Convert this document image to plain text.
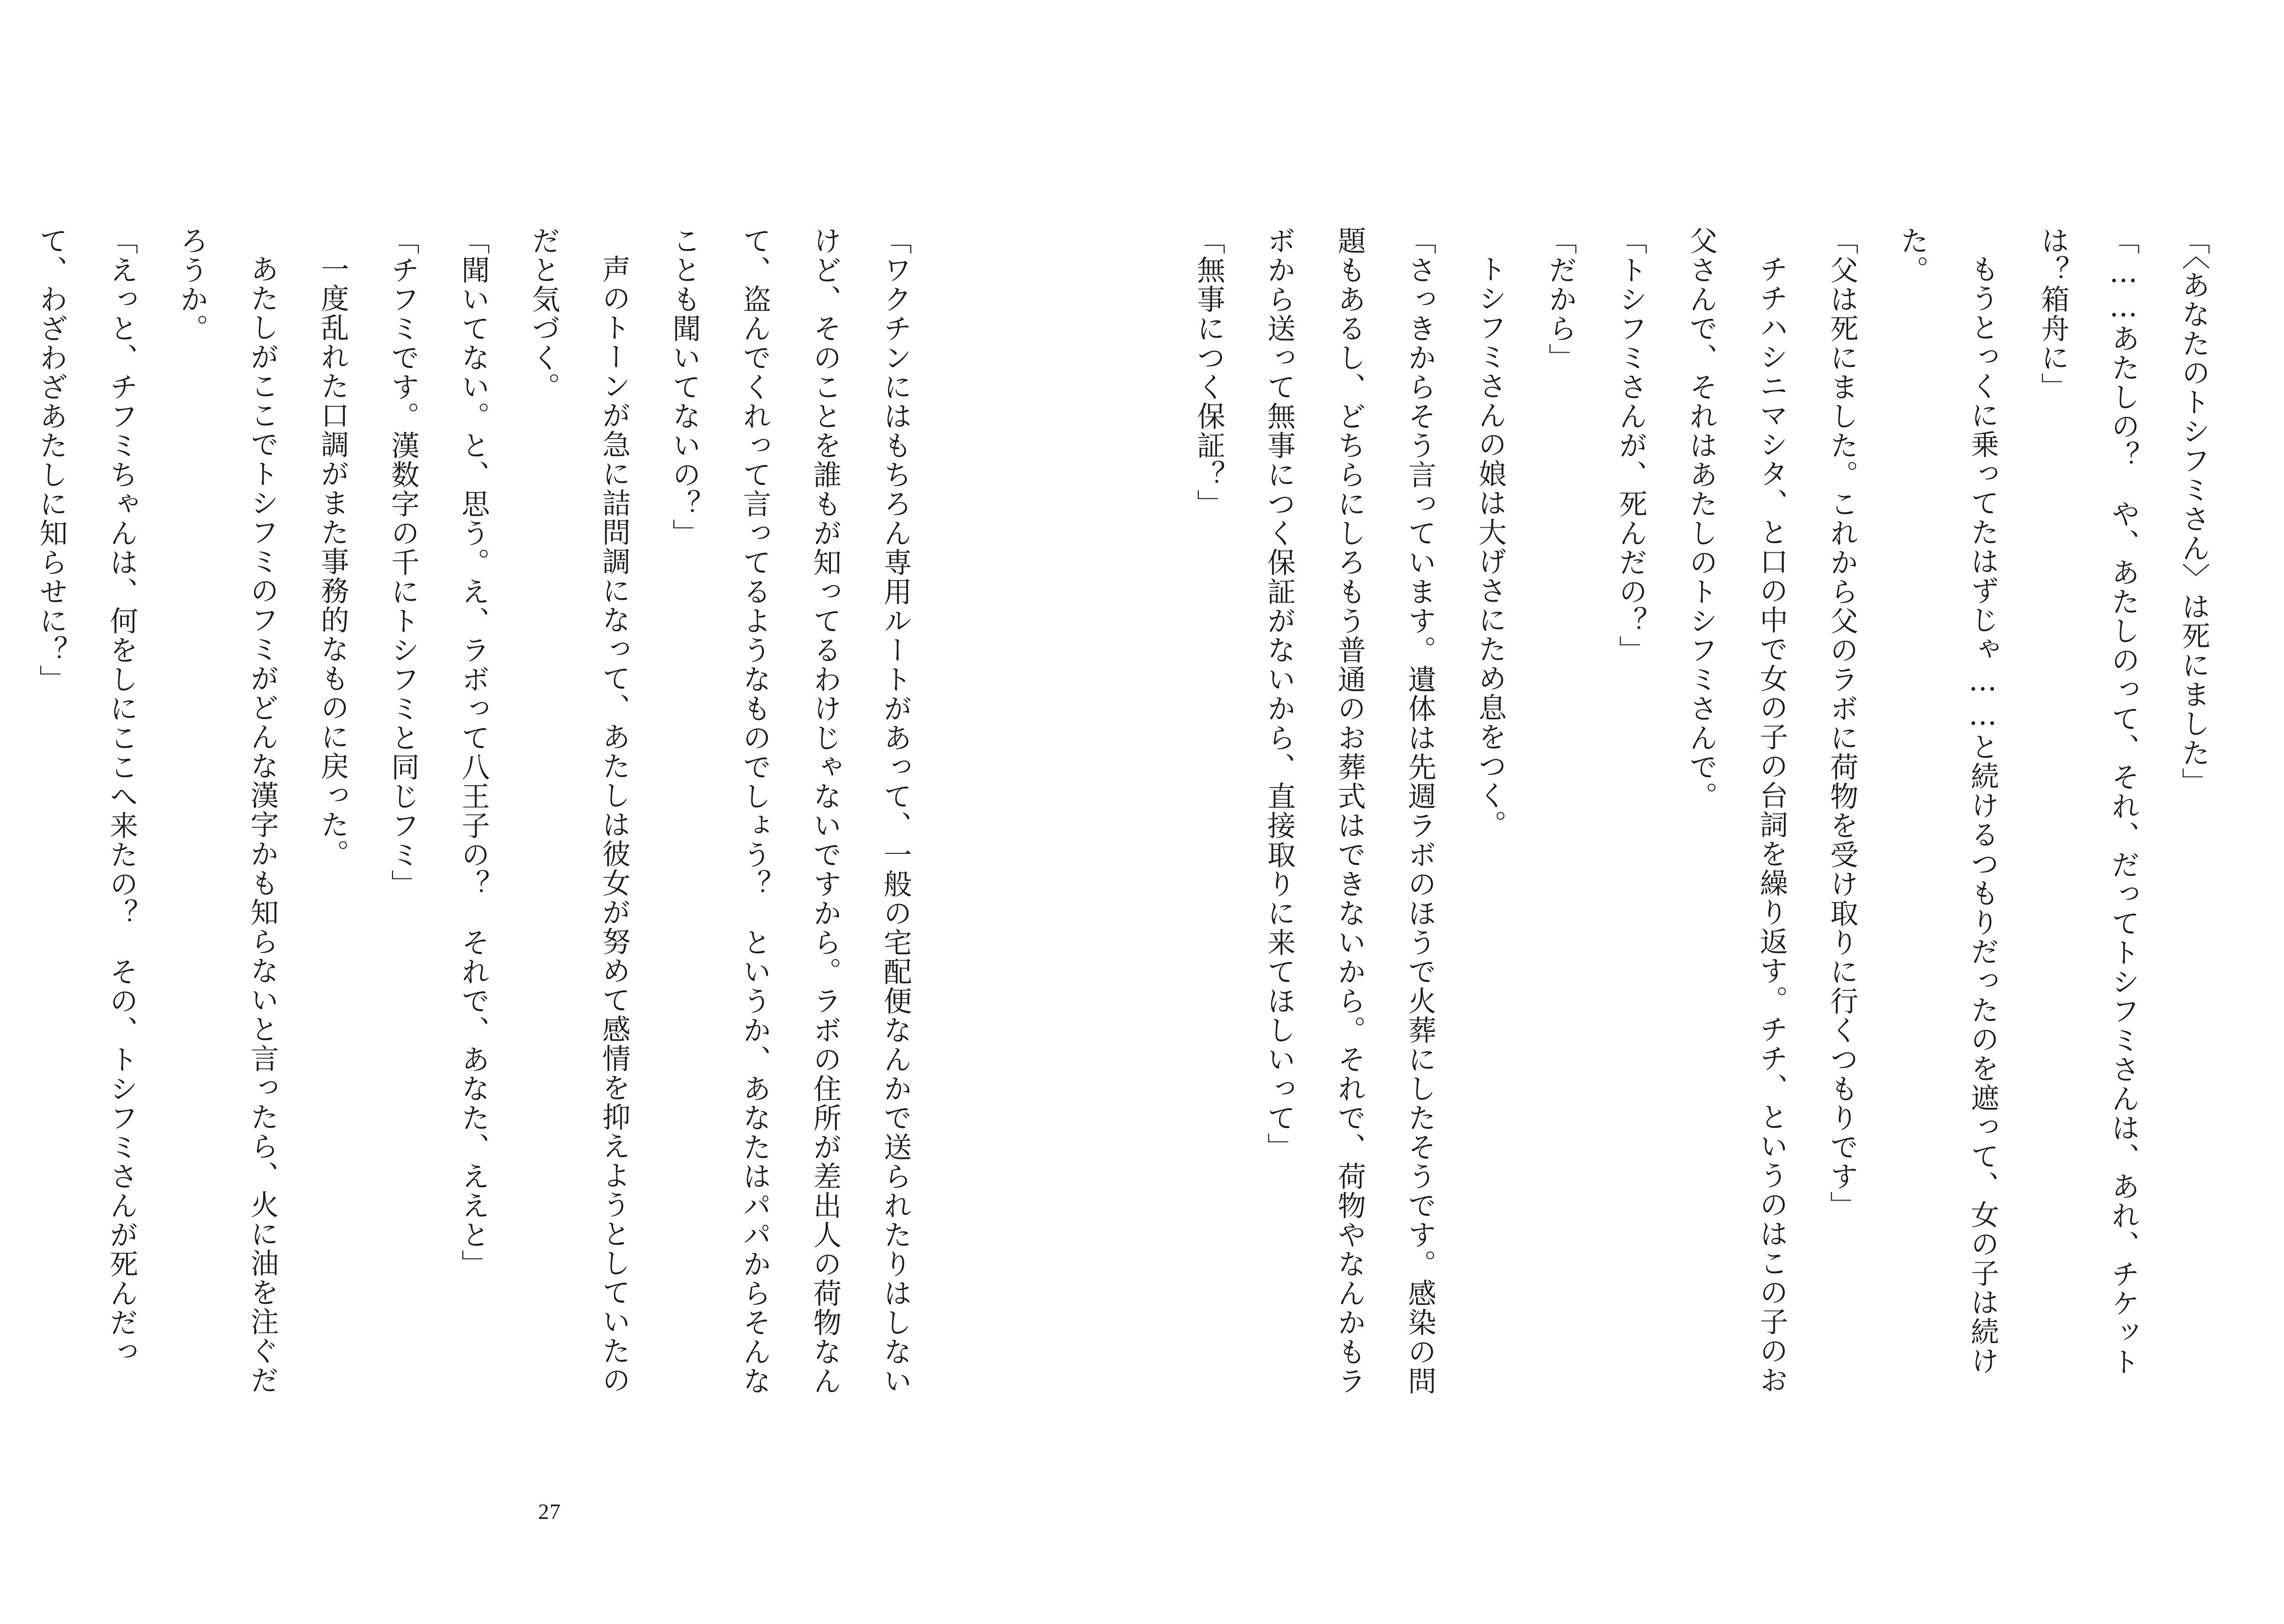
「ワクチンにはもちろん専用ルートがあって、一般の宅配便なんかで送られたりはしないけど、そのことを誰もが知ってるわけじゃないですから。ラボの住所が差出人の荷物なんて、盗んでくれって言ってるようなものでしょう？　というか、あなたはパパからそんなことも聞いてないの？」

声のトーンが急に詰問調になって、あたしは彼女が努めて感情を抑えようとしていたのだと気づく。

「聞いてない。と、思う。え、ラボって八王子の？　それで、あなた、ええと」

「チフミです。漢数字の千にトシフミと同じフミ」

一度乱れた口調がまた事務的なものに戻った。

あたしがここでトシフミのフミがどんな漢字かも知らないと言ったら、火に油を注ぐだろうか。

「えっと、チフミちゃんは、何をしにここへ来たの？　その、トシフミさんが死んだって、わざわざあたしに知らせに？」

27

「〈あなたのトシフミさん〉は死にました」

「……あたしの？　や、あたしのって、それ、だってトシフミさんは、あれ、チケットは？箱舟に」

もうとっくに乗ってたはずじゃ……と続けるつもりだったのを遮って、女の子は続けた。

「父は死にました。これから父のラボに荷物を受け取りに行くつもりです」

チチハシニマシタ、と口の中で女の子の台詞を繰り返す。チチ、というのはこの子のお父さんで、それはあたしのトシフミさんで。

「トシフミさんが、死んだの？」

「だから」

トシフミさんの娘は大げさにため息をつく。

「さっきからそう言っています。遺体は先週ラボのほうで火葬にしたそうです。感染の問題もあるし、どちらにしろもう普通のお葬式はできないから。それで、荷物やなんかもラボから送って無事につく保証がないから、直接取りに来てほしいって」

「無事につく保証？」
